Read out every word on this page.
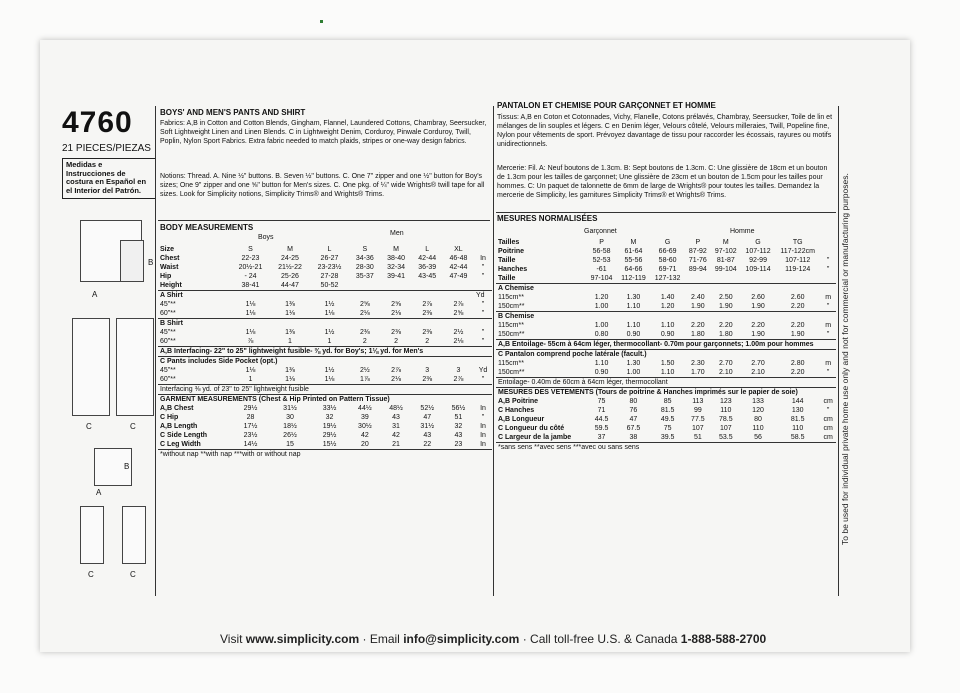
4760
21 PIECES/PIEZAS
Medidas e Instrucciones de costura en Español en el Interior del Patrón.
A
B
C	C
A
B
C	C
BOYS' AND MEN'S PANTS AND SHIRT
Fabrics: A,B in Cotton and Cotton Blends, Gingham, Flannel, Laundered Cottons, Chambray, Seersucker, Soft Lightweight Linen and Linen Blends. C in Lightweight Denim, Corduroy, Pinwale Corduroy, Twill, Poplin, Nylon Sport Fabrics. Extra fabric needed to match plaids, stripes or one-way design fabrics.
Notions: Thread. A. Nine ½" buttons. B. Seven ½" buttons. C. One 7" zipper and one ½" button for Boy's sizes; One 9" zipper and one ⅝" button for Men's sizes. C. One pkg. of ¼" wide Wrights® twill tape for all sizes. Look for Simplicity notions, Simplicity Trims® and Wrights® Trims.
BODY MEASUREMENTS
Boys
Men
Size	S	M	L	S	M	L	XL	
Chest	22-23	24-25	26-27	34-36	38-40	42-44	46-48	In
Waist	20½-21	21½-22	23-23½	28-30	32-34	36-39	42-44	"
Hip	- 24	25-26	27-28	35-37	39-41	43-45	47-49	"
Height	38-41	44-47	50-52					
A Shirt								Yd
45"**	1⅛	1⅜	1½	2⅝	2⅝	2⅞	2⅞	"
60"**	1⅛	1⅛	1⅛	2⅛	2⅛	2⅜	2⅝	"
B Shirt								
45"**	1⅛	1⅜	1½	2⅜	2⅜	2⅜	2½	"
60"**	⅞	1	1	2	2	2	2⅛	"
A,B Interfacing- 22" to 25" lightweight fusible- ⅜ yd. for Boy's; 1⅛ yd. for Men's								
C Pants includes Side Pocket (opt.)								
45"**	1⅛	1⅜	1½	2½	2⅞	3	3	Yd
60"**	1	1⅛	1⅛	1⅞	2⅛	2⅜	2⅞	"
Interfacing ⅜ yd. of 23" to 25" lightweight fusible								
GARMENT MEASUREMENTS (Chest & Hip Printed on Pattern Tissue)								
A,B Chest	29½	31½	33½	44½	48½	52½	56½	In
C Hip	28	30	32	39	43	47	51	"
A,B Length	17½	18½	19½	30½	31	31½	32	In
C Side Length	23½	26½	29½	42	42	43	43	In
C Leg Width	14½	15	15½	20	21	22	23	In
*without nap **with nap ***with or without nap								
PANTALON ET CHEMISE POUR GARÇONNET ET HOMME
Tissus: A,B en Coton et Cotonnades, Vichy, Flanelle, Cotons prélavés, Chambray, Seersucker, Toile de lin et mélanges de lin souples et légers. C en Denim léger, Velours côtelé, Velours milleraies, Twill, Popeline fine, Nylon pour vêtements de sport. Prévoyez davantage de tissu pour raccorder les écossais, rayures ou motifs unidirectionnels.
Mercerie: Fil. A: Neuf boutons de 1.3cm. B: Sept boutons de 1.3cm. C: Une glissière de 18cm et un bouton de 1.3cm pour les tailles de garçonnet; Une glissière de 23cm et un bouton de 1.5cm pour les tailles pour hommes. C: Un paquet de talonnette de 6mm de large de Wrights® pour toutes les tailles. Demandez la mercerie de Simplicity, les garnitures Simplicity Trims® et Wrights® Trims.
MESURES NORMALISÉES
Garçonnet	Homme
Tailles	P	M	G	P	M	G	TG	
Poitrine	56-58	61-64	66-69	87-92	97-102	107-112	117-122cm	
Taille	52-53	55-56	58-60	71-76	81-87	92-99	107-112	"
Hanches	-61	64-66	69-71	89-94	99-104	109-114	119-124	"
Taille	97-104	112-119	127-132					
A Chemise								
115cm**	1.20	1.30	1.40	2.40	2.50	2.60	2.60	m
150cm**	1.00	1.10	1.20	1.90	1.90	1.90	2.20	"
B Chemise								
115cm**	1.00	1.10	1.10	2.20	2.20	2.20	2.20	m
150cm**	0.80	0.90	0.90	1.80	1.80	1.90	1.90	"
A,B Entoilage- 55cm à 64cm léger, thermocollant- 0.70m pour garçonnets; 1.00m pour hommes								
C Pantalon comprend poche latérale (facult.)								
115cm**	1.10	1.30	1.50	2.30	2.70	2.70	2.80	m
150cm**	0.90	1.00	1.10	1.70	2.10	2.10	2.20	"
Entoilage- 0.40m de 60cm à 64cm léger, thermocollant								
MESURES DES VETEMENTS (Tours de poitrine & Hanches imprimés sur le papier de soie)								
A,B Poitrine	75	80	85	113	123	133	144	cm
C Hanches	71	76	81.5	99	110	120	130	"
A,B Longueur	44.5	47	49.5	77.5	78.5	80	81.5	cm
C Longueur du côté	59.5	67.5	75	107	107	110	110	cm
C Largeur de la jambe	37	38	39.5	51	53.5	56	58.5	cm
*sans sens **avec sens ***avec ou sans sens									To be used for individual private home use only and not for commercial or manufacturing purposes.
Visit www.simplicity.com · Email info@simplicity.com · Call toll-free U.S. & Canada 1-888-588-2700
